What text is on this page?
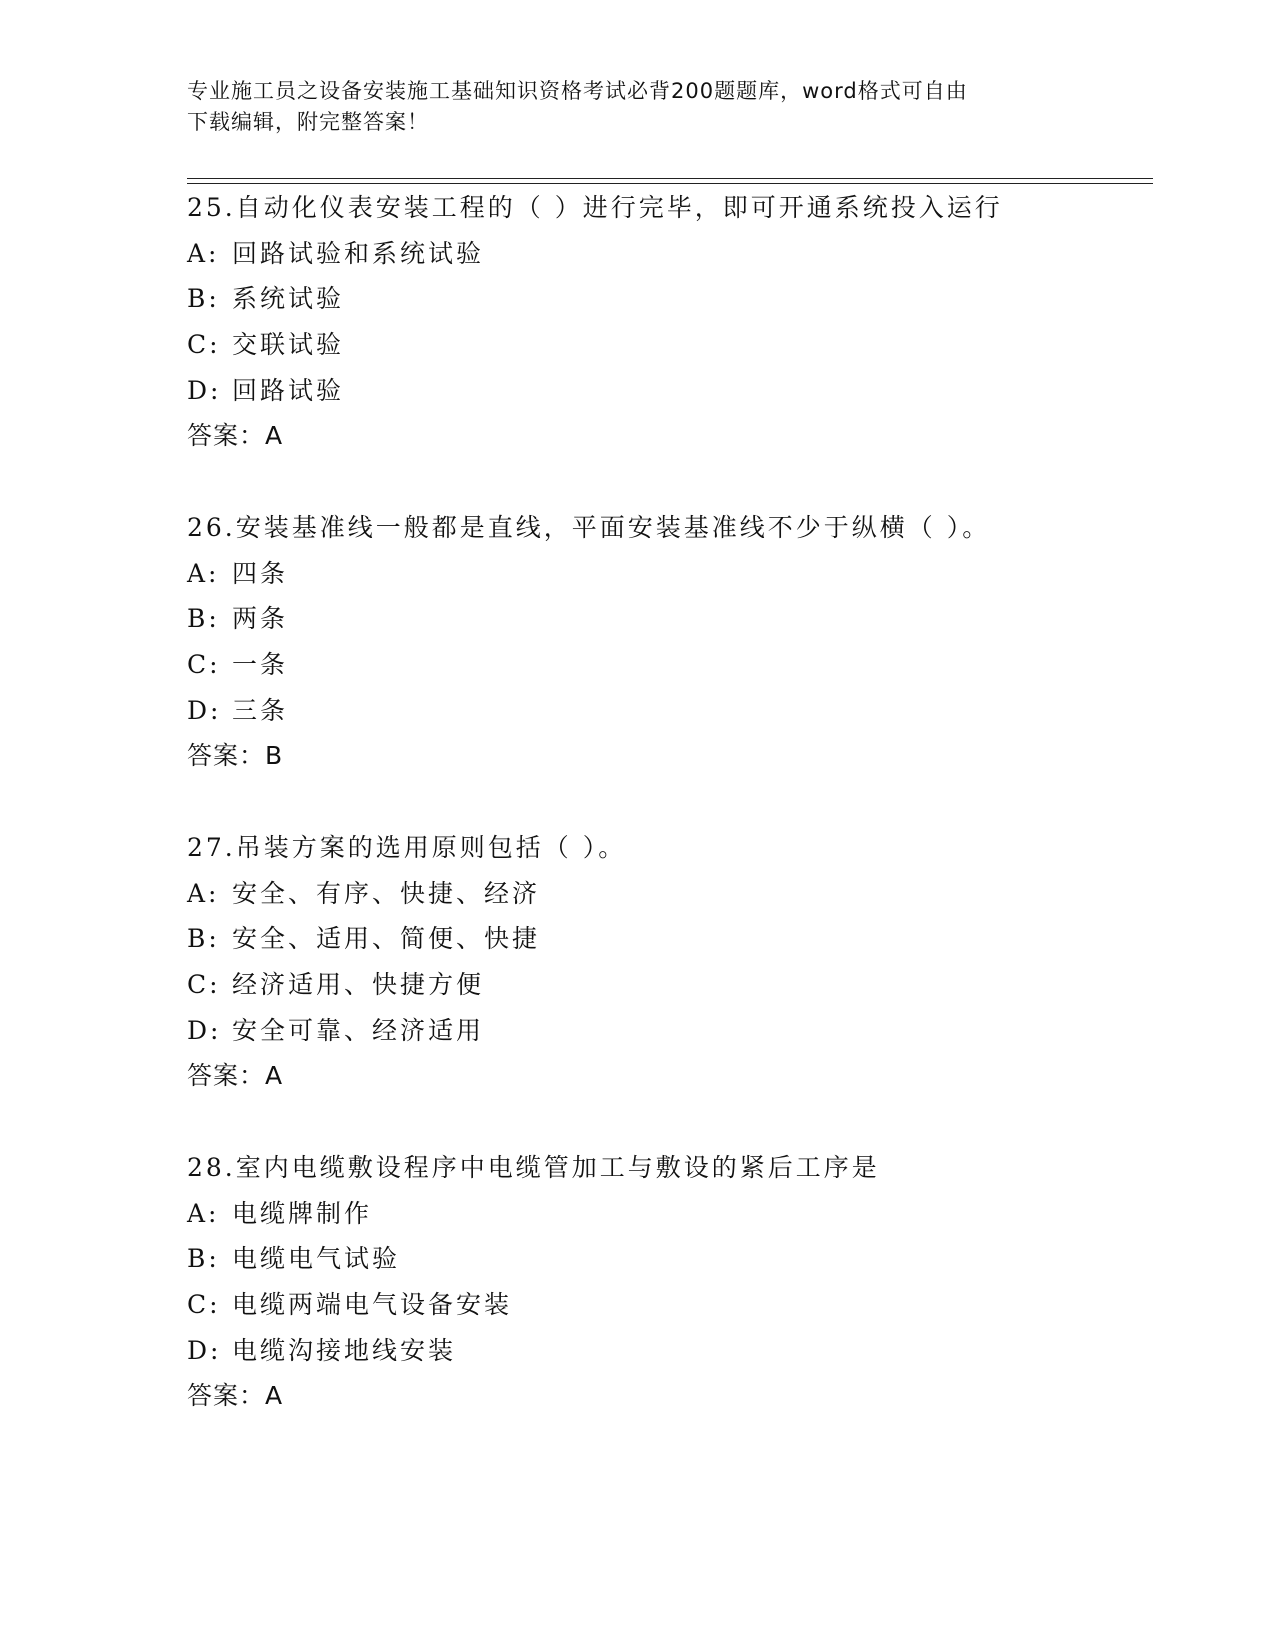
专业施工员之设备安装施工基础知识资格考试必背200题题库，word格式可自由
下载编辑，附完整答案！
25.自动化仪表安装工程的（ ）进行完毕，即可开通系统投入运行
A: 回路试验和系统试验
B: 系统试验
C: 交联试验
D: 回路试验
答案：A
26.安装基准线一般都是直线，平面安装基准线不少于纵横（ ）。
A: 四条
B: 两条
C: 一条
D: 三条
答案：B
27.吊装方案的选用原则包括（ ）。
A: 安全、有序、快捷、经济
B: 安全、适用、简便、快捷
C: 经济适用、快捷方便
D: 安全可靠、经济适用
答案：A
28.室内电缆敷设程序中电缆管加工与敷设的紧后工序是
A: 电缆牌制作
B: 电缆电气试验
C: 电缆两端电气设备安装
D: 电缆沟接地线安装
答案：A
